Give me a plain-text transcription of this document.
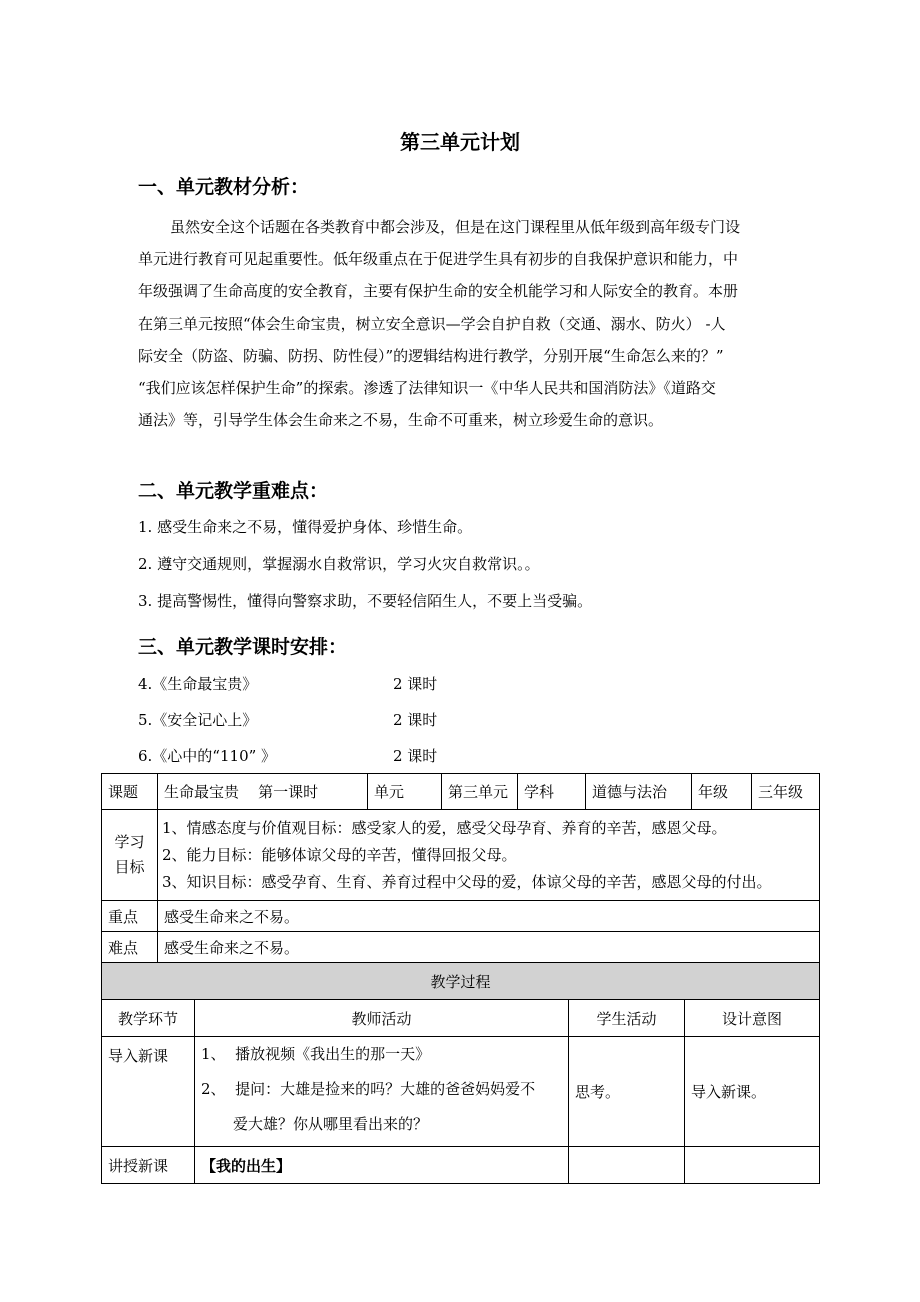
第三单元计划
一、单元教材分析：
虽然安全这个话题在各类教育中都会涉及，但是在这门课程里从低年级到高年级专门设
单元进行教育可见起重要性。低年级重点在于促进学生具有初步的自我保护意识和能力，中
年级强调了生命高度的安全教育，主要有保护生命的安全机能学习和人际安全的教育。本册
在第三单元按照“体会生命宝贵，树立安全意识—学会自护自救（交通、溺水、防火） -人
际安全（防盗、防骗、防拐、防性侵）”的逻辑结构进行教学，分别开展“生命怎么来的？”
“我们应该怎样保护生命”的探索。渗透了法律知识一《中华人民共和国消防法》《道路交
通法》等，引导学生体会生命来之不易，生命不可重来，树立珍爱生命的意识。
二、单元教学重难点：
1. 感受生命来之不易，懂得爱护身体、珍惜生命。
2. 遵守交通规则，掌握溺水自救常识，学习火灾自救常识。。
3. 提高警惕性，懂得向警察求助，不要轻信陌生人，不要上当受骗。
三、单元教学课时安排：
4.《生命最宝贵》	2 课时
5.《安全记心上》	2 课时
6.《心中的“110” 》	2 课时
课题	生命最宝贵    第一课时	单元	第三单元	学科	道德与法治	年级	三年级

学习
目标	1、情感态度与价值观目标：感受家人的爱，感受父母孕育、养育的辛苦，感恩父母。
2、能力目标：能够体谅父母的辛苦，懂得回报父母。
3、知识目标：感受孕育、生育、养育过程中父母的爱，体谅父母的辛苦，感恩父母的付出。						

重点	感受生命来之不易。						
难点	感受生命来之不易。						
教学过程			
教学环节	教师活动	学生活动	设计意图
导入新课	1、  播放视频《我出生的那一天》
2、  提问：大雄是捡来的吗？大雄的爸爸妈妈爱不
爱大雄？你从哪里看出来的？	思考。	导入新课。
讲授新课	【我的出生】		
